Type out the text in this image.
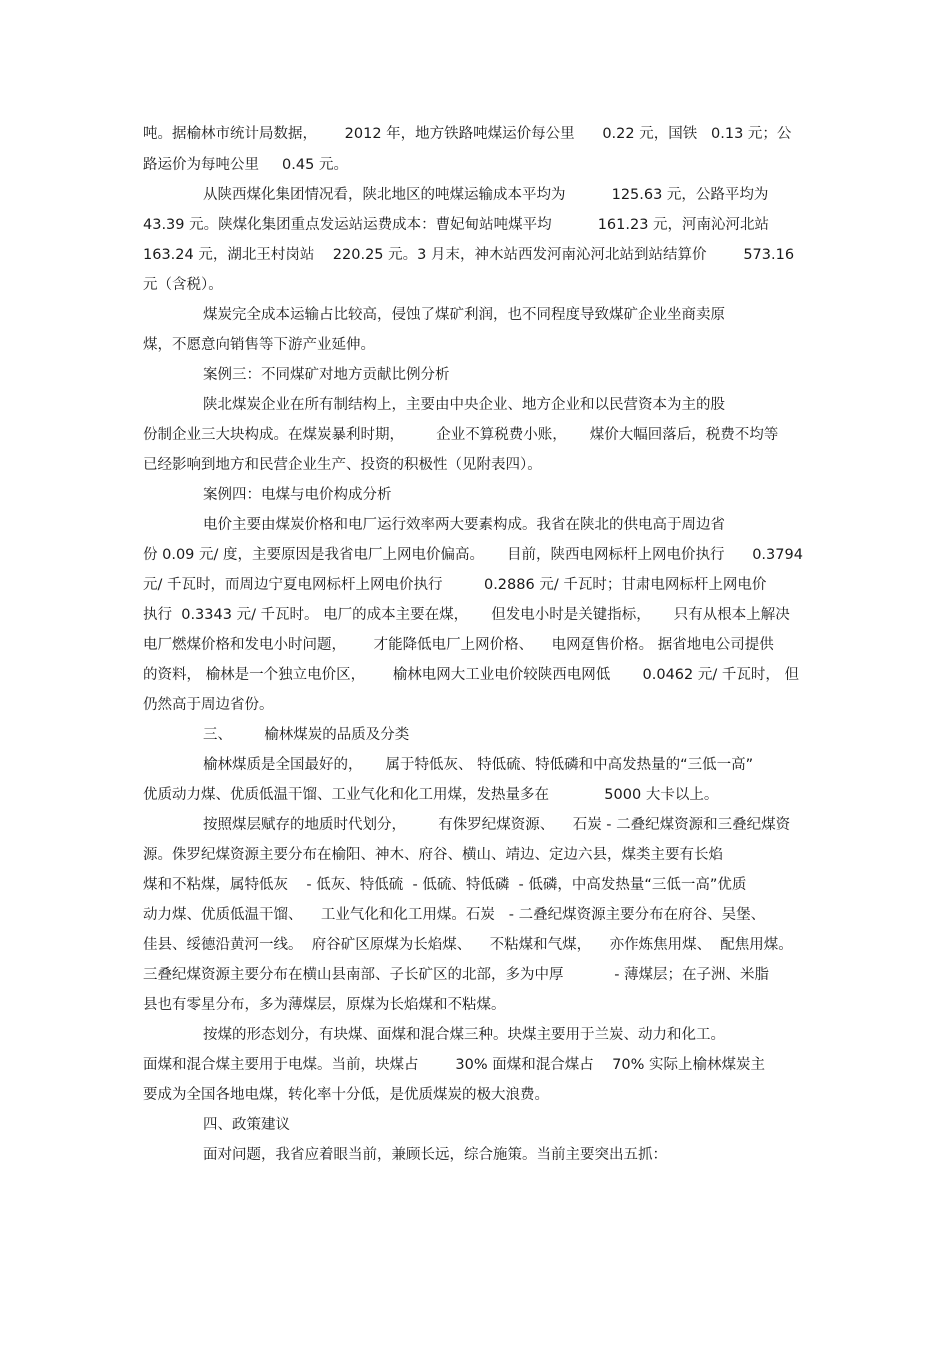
吨。据榆林市统计局数据，      2012 年，地方铁路吨煤运价每公里      0.22 元，国铁   0.13 元；公

路运价为每吨公里     0.45 元。

从陕西煤化集团情况看，陕北地区的吨煤运输成本平均为          125.63 元，公路平均为

43.39 元。陕煤化集团重点发运站运费成本：曹妃甸站吨煤平均          161.23 元，河南沁河北站

163.24 元，湖北王村岗站    220.25 元。3 月末，神木站西发河南沁河北站到站结算价        573.16

元（含税）。

煤炭完全成本运输占比较高，侵蚀了煤矿利润，也不同程度导致煤矿企业坐商卖原

煤，不愿意向销售等下游产业延伸。

案例三：不同煤矿对地方贡献比例分析

陕北煤炭企业在所有制结构上，主要由中央企业、地方企业和以民营资本为主的股

份制企业三大块构成。在煤炭暴利时期，       企业不算税费小账，     煤价大幅回落后，税费不均等

已经影响到地方和民营企业生产、投资的积极性（见附表四）。

案例四：电煤与电价构成分析

电价主要由煤炭价格和电厂运行效率两大要素构成。我省在陕北的供电高于周边省

份 0.09 元/ 度，主要原因是我省电厂上网电价偏高。     目前，陕西电网标杆上网电价执行      0.3794

元/ 千瓦时，而周边宁夏电网标杆上网电价执行         0.2886 元/ 千瓦时；甘肃电网标杆上网电价

执行  0.3343 元/ 千瓦时。 电厂的成本主要在煤，     但发电小时是关键指标，     只有从根本上解决

电厂燃煤价格和发电小时问题，      才能降低电厂上网价格、    电网趸售价格。 据省地电公司提供

的资料， 榆林是一个独立电价区，      榆林电网大工业电价较陕西电网低       0.0462 元/ 千瓦时， 但

仍然高于周边省份。

三、       榆林煤炭的品质及分类

榆林煤质是全国最好的，     属于特低灰、 特低硫、特低磷和中高发热量的“三低一高”

优质动力煤、优质低温干馏、工业气化和化工用煤，发热量多在            5000 大卡以上。

按照煤层赋存的地质时代划分，       有侏罗纪煤资源、    石炭 - 二叠纪煤资源和三叠纪煤资

源。侏罗纪煤资源主要分布在榆阳、神木、府谷、横山、靖边、定边六县，煤类主要有长焰

煤和不粘煤，属特低灰    - 低灰、特低硫  - 低硫、特低磷  - 低磷，中高发热量“三低一高”优质

动力煤、优质低温干馏、    工业气化和化工用煤。石炭   - 二叠纪煤资源主要分布在府谷、吴堡、

佳县、绥德沿黄河一线。  府谷矿区原煤为长焰煤、    不粘煤和气煤，    亦作炼焦用煤、  配焦用煤。

三叠纪煤资源主要分布在横山县南部、子长矿区的北部，多为中厚           - 薄煤层；在子洲、米脂

县也有零星分布，多为薄煤层，原煤为长焰煤和不粘煤。

按煤的形态划分，有块煤、面煤和混合煤三种。块煤主要用于兰炭、动力和化工。

面煤和混合煤主要用于电煤。当前，块煤占        30% 面煤和混合煤占    70% 实际上榆林煤炭主

要成为全国各地电煤，转化率十分低，是优质煤炭的极大浪费。

四、政策建议

面对问题，我省应着眼当前，兼顾长远，综合施策。当前主要突出五抓：
